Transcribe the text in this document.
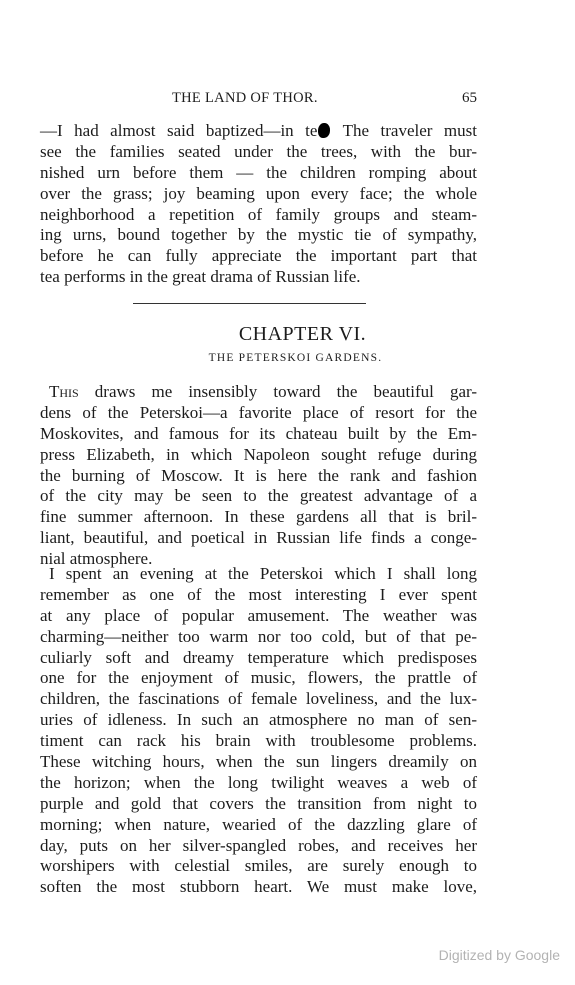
THE LAND OF THOR.	65
—I had almost said baptized—in te The traveler must
see the families seated under the trees, with the bur-
nished urn before them — the children romping about
over the grass; joy beaming upon every face; the whole
neighborhood a repetition of family groups and steam-
ing urns, bound together by the mystic tie of sympathy,
before he can fully appreciate the important part that
tea performs in the great drama of Russian life.
CHAPTER VI.
THE PETERSKOI GARDENS.
This draws me insensibly toward the beautiful gar-
dens of the Peterskoi—a favorite place of resort for the
Moskovites, and famous for its chateau built by the Em-
press Elizabeth, in which Napoleon sought refuge during
the burning of Moscow. It is here the rank and fashion
of the city may be seen to the greatest advantage of a
fine summer afternoon. In these gardens all that is bril-
liant, beautiful, and poetical in Russian life finds a conge-
nial atmosphere.
I spent an evening at the Peterskoi which I shall long
remember as one of the most interesting I ever spent
at any place of popular amusement. The weather was
charming—neither too warm nor too cold, but of that pe-
culiarly soft and dreamy temperature which predisposes
one for the enjoyment of music, flowers, the prattle of
children, the fascinations of female loveliness, and the lux-
uries of idleness. In such an atmosphere no man of sen-
timent can rack his brain with troublesome problems.
These witching hours, when the sun lingers dreamily on
the horizon; when the long twilight weaves a web of
purple and gold that covers the transition from night to
morning; when nature, wearied of the dazzling glare of
day, puts on her silver-spangled robes, and receives her
worshipers with celestial smiles, are surely enough to
soften the most stubborn heart. We must make love,
Digitized by Google
